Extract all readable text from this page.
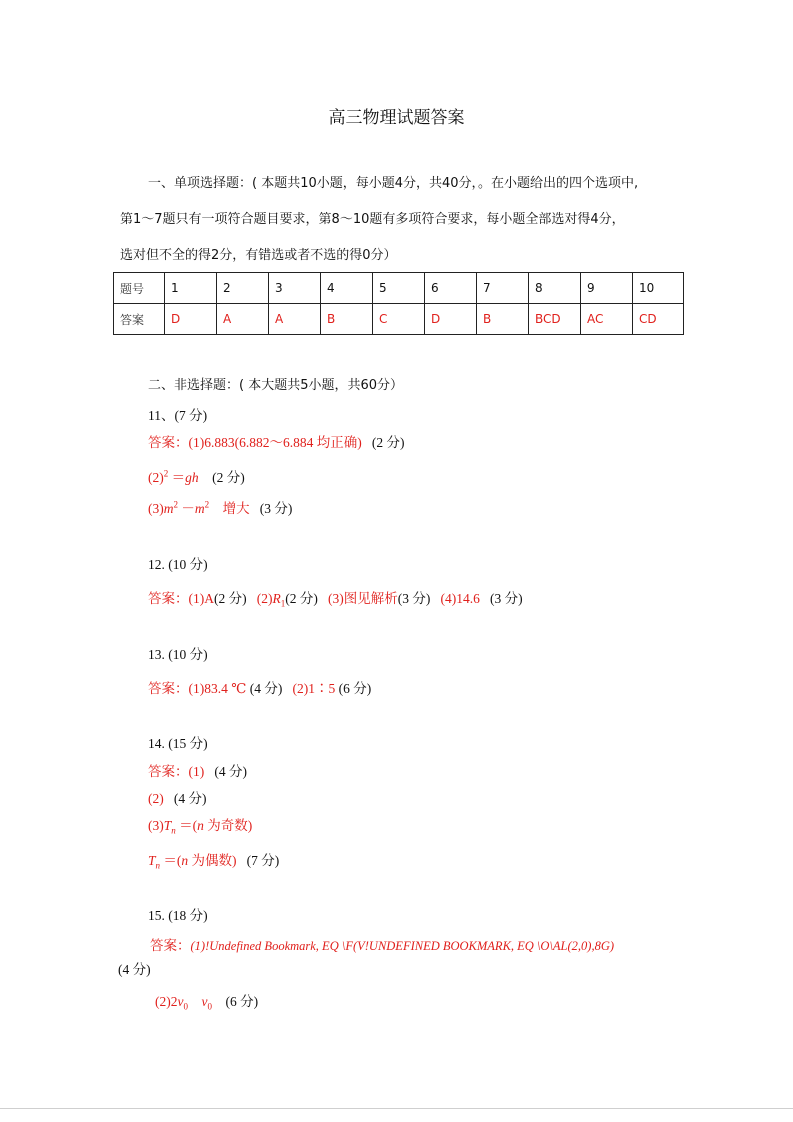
高三物理试题答案
一、单项选择题：( 本题共10小题，每小题4分，共40分，。在小题给出的四个选项中,
第1～7题只有一项符合题目要求，第8～10题有多项符合要求，每小题全部选对得4分，
选对但不全的得2分，有错选或者不选的得0分）
题号	1	2	3	4	5	6	7	8	9	10
答案	D	A	A	B	C	D	B	BCD	AC	CD
二、非选择题：( 本大题共5小题，共60分）
11、(7 分)
答案：(1)6.883(6.882～6.884 均正确) (2 分)
$(2)^2 =gh$ (2 分)
$(3)m^2 -m^2$ 增大 (3 分)
12. (10 分)
答案：(1)A(2 分) $(2)R_1(2$ 分) (3)图见解析(3 分) (4)14.6 (3 分)
13. (10 分)
答案：(1)83.4 ℃ (4 分) (2)1∶5 (6 分)
14. (15 分)
答案：(1) (4 分)
(2) (4 分)
$(3)T_n =(n$ 为奇数)
$T_n =(n$ 为偶数) (7 分)
15. (18 分)
答案：(1)!Undefined Bookmark, EQ \F(V!UNDEFINED BOOKMARK, EQ \O\AL(2,0),8G)
(4 分)
$(2)2v_0$ $v_0$ (6 分)
